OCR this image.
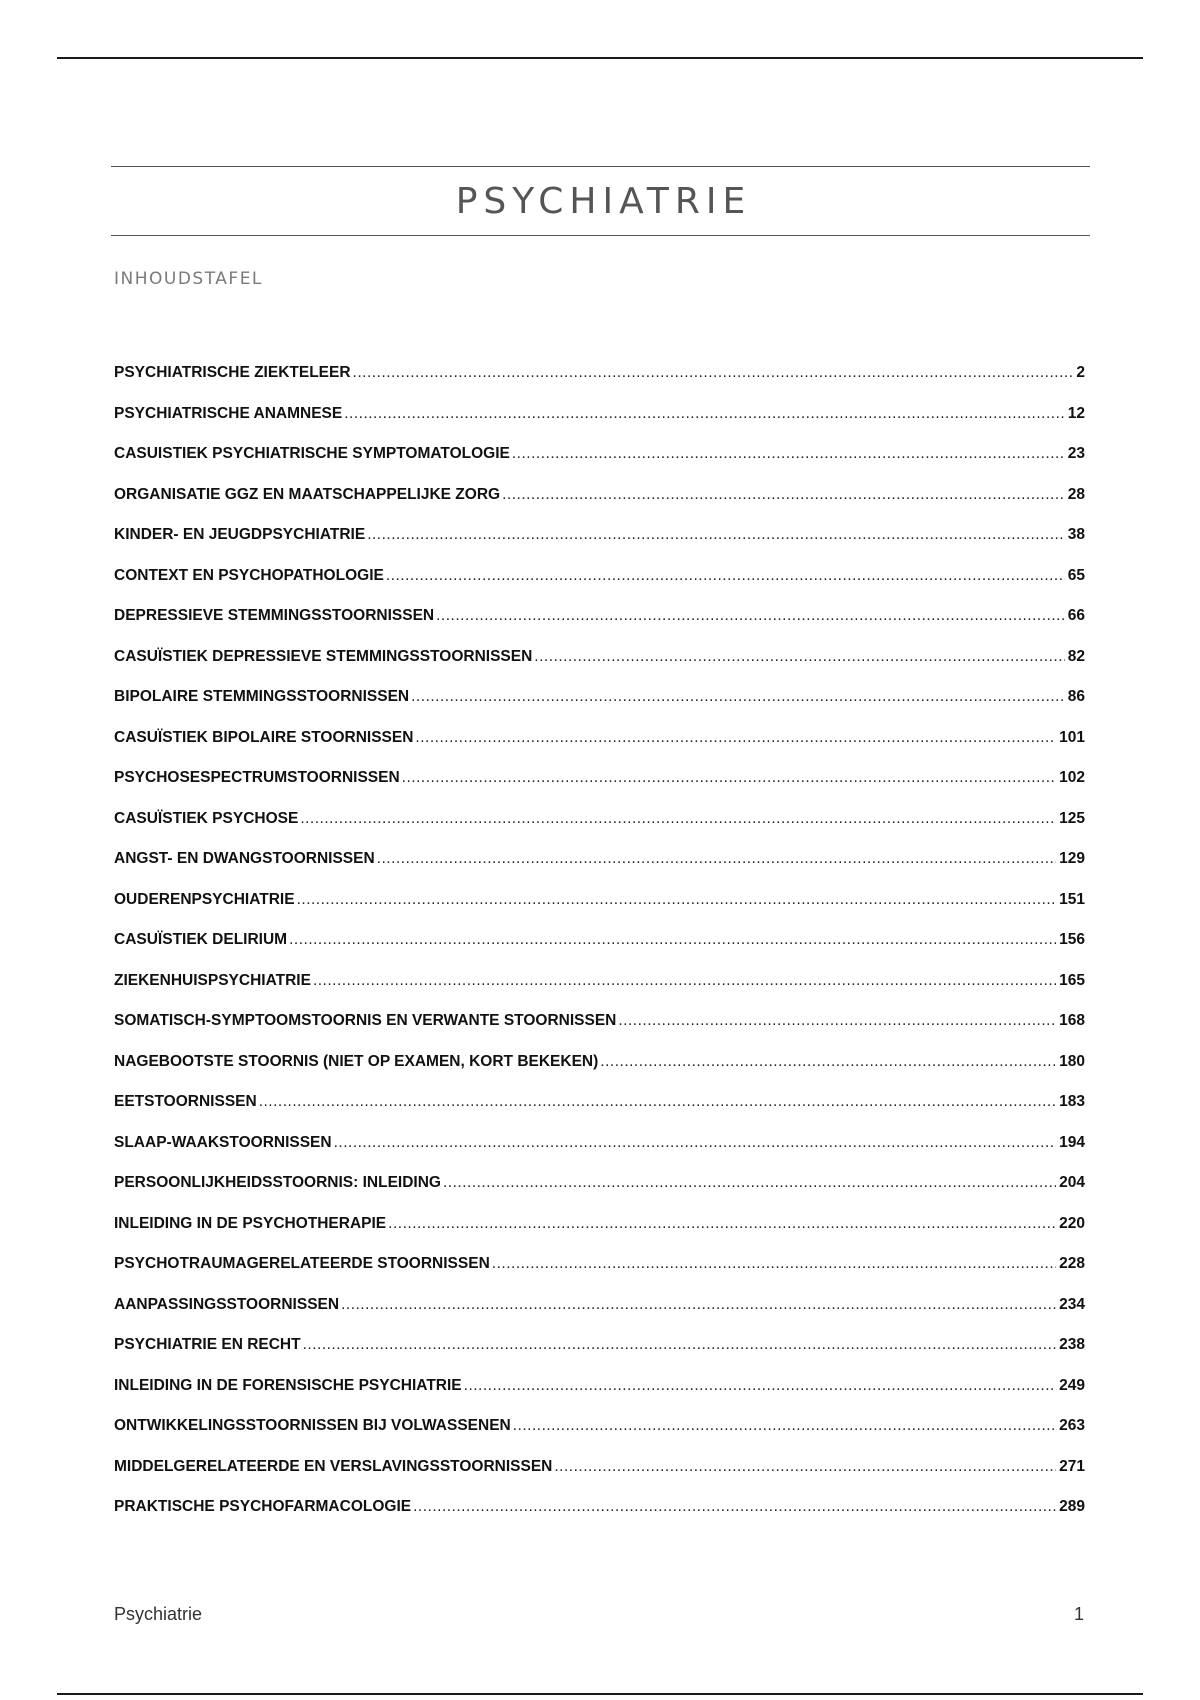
PSYCHIATRIE
INHOUDSTAFEL
PSYCHIATRISCHE ZIEKTELEER .....	2
PSYCHIATRISCHE ANAMNESE .....	12
CASUISTIEK PSYCHIATRISCHE SYMPTOMATOLOGIE .....	23
ORGANISATIE GGZ EN MAATSCHAPPELIJKE ZORG .....	28
KINDER- EN JEUGDPSYCHIATRIE .....	38
CONTEXT EN PSYCHOPATHOLOGIE .....	65
DEPRESSIEVE STEMMINGSSTOORNISSEN .....	66
CASUÏSTIEK DEPRESSIEVE STEMMINGSSTOORNISSEN .....	82
BIPOLAIRE STEMMINGSSTOORNISSEN .....	86
CASUÏSTIEK BIPOLAIRE STOORNISSEN .....	101
PSYCHOSESPECTRUMSTOORNISSEN .....	102
CASUÏSTIEK PSYCHOSE .....	125
ANGST- EN DWANGSTOORNISSEN .....	129
OUDERENPSYCHIATRIE .....	151
CASUÏSTIEK DELIRIUM .....	156
ZIEKENHUISPSYCHIATRIE .....	165
SOMATISCH-SYMPTOOMSTOORNIS EN VERWANTE STOORNISSEN .....	168
NAGEBOOTSTE STOORNIS (NIET OP EXAMEN, KORT BEKEKEN) .....	180
EETSTOORNISSEN .....	183
SLAAP-WAAKSTOORNISSEN .....	194
PERSOONLIJKHEIDSSTOORNIS: INLEIDING .....	204
INLEIDING IN DE PSYCHOTHERAPIE .....	220
PSYCHOTRAUMAGERELATEERDE STOORNISSEN .....	228
AANPASSINGSSTOORNISSEN .....	234
PSYCHIATRIE EN RECHT .....	238
INLEIDING IN DE FORENSISCHE PSYCHIATRIE .....	249
ONTWIKKELINGSSTOORNISSEN BIJ VOLWASSENEN .....	263
MIDDELGERELATEERDE EN VERSLAVINGSSTOORNISSEN .....	271
PRAKTISCHE PSYCHOFARMACOLOGIE .....	289
Psychiatrie	1
